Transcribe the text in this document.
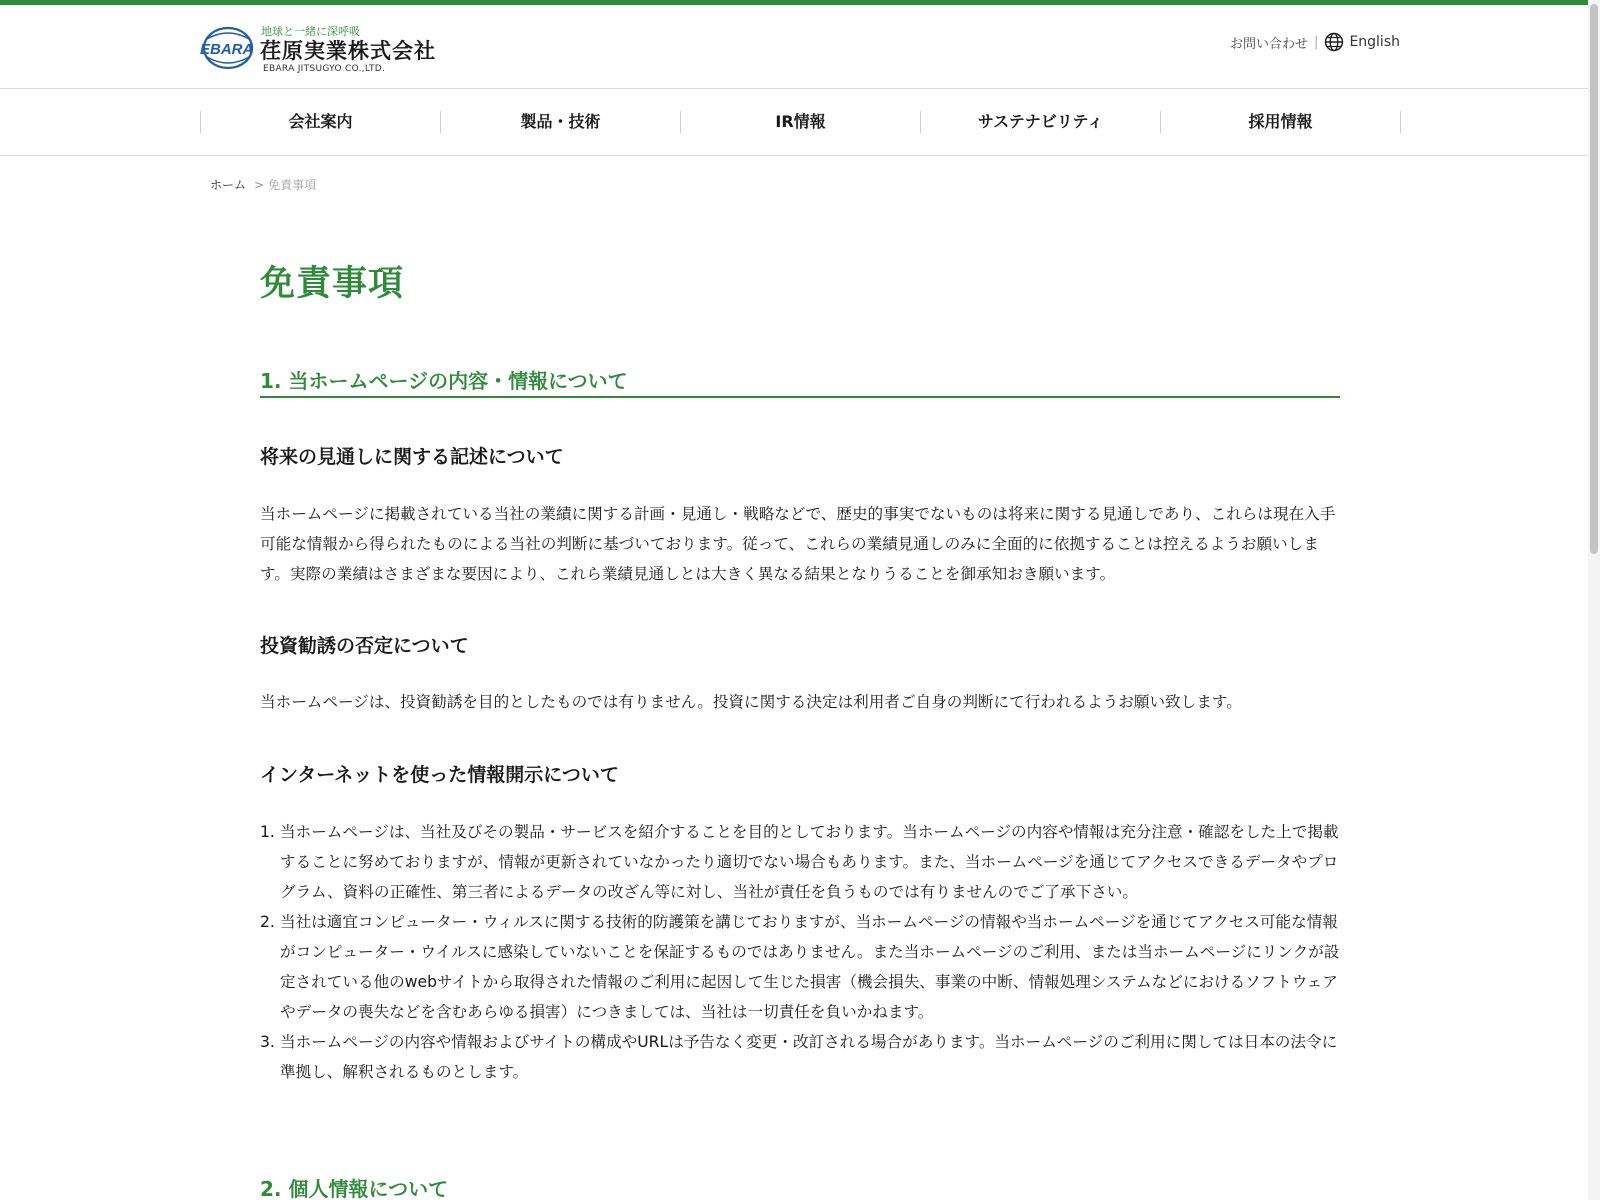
EBARA
地球と一緒に深呼吸
荏原実業株式会社
EBARA JITSUGYO CO.,LTD.
お問い合わせ | English
会社案内	製品・技術	IR情報	サステナビリティ	採用情報
ホーム > 免責事項
免責事項
1. 当ホームページの内容・情報について
将来の見通しに関する記述について

当ホームページに掲載されている当社の業績に関する計画・見通し・戦略などで、歴史的事実でないものは将来に関する見通しであり、これらは現在入手可能な情報から得られたものによる当社の判断に基づいております。従って、これらの業績見通しのみに全面的に依拠することは控えるようお願いします。実際の業績はさまざまな要因により、これら業績見通しとは大きく異なる結果となりうることを御承知おき願います。

投資勧誘の否定について

当ホームページは、投資勧誘を目的としたものでは有りません。投資に関する決定は利用者ご自身の判断にて行われるようお願い致します。

インターネットを使った情報開示について
1. 当ホームページは、当社及びその製品・サービスを紹介することを目的としております。当ホームページの内容や情報は充分注意・確認をした上で掲載することに努めておりますが、情報が更新されていなかったり適切でない場合もあります。また、当ホームページを通じてアクセスできるデータやプログラム、資料の正確性、第三者によるデータの改ざん等に対し、当社が責任を負うものでは有りませんのでご了承下さい。
2. 当社は適宜コンピューター・ウィルスに関する技術的防護策を講じておりますが、当ホームページの情報や当ホームページを通じてアクセス可能な情報がコンピューター・ウイルスに感染していないことを保証するものではありません。また当ホームページのご利用、または当ホームページにリンクが設定されている他のwebサイトから取得された情報のご利用に起因して生じた損害（機会損失、事業の中断、情報処理システムなどにおけるソフトウェアやデータの喪失などを含むあらゆる損害）につきましては、当社は一切責任を負いかねます。
3. 当ホームページの内容や情報およびサイトの構成やURLは予告なく変更・改訂される場合があります。当ホームページのご利用に関しては日本の法令に準拠し、解釈されるものとします。
2. 個人情報について
